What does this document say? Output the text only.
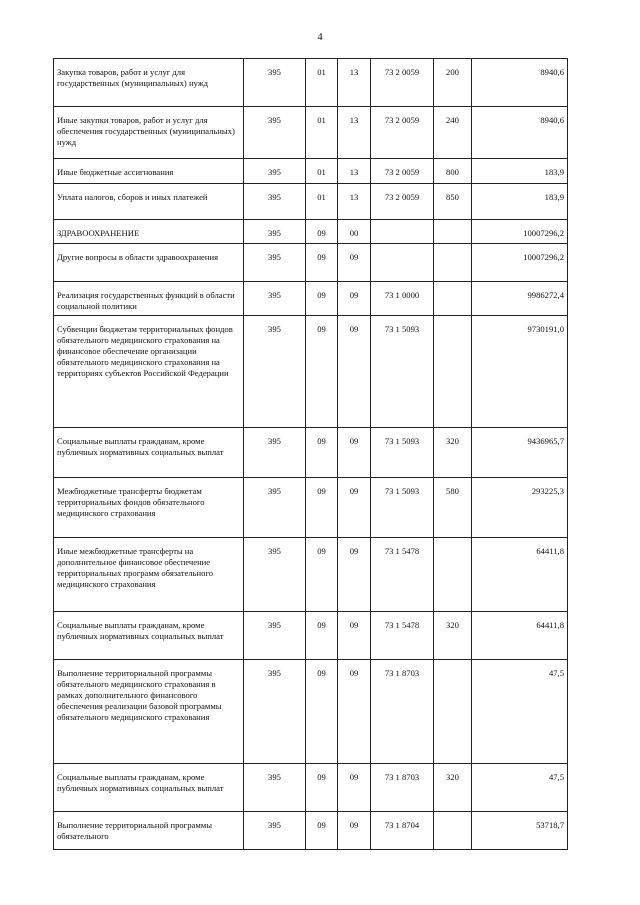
4
Закупка товаров, работ и услуг для государственных (муниципальных) нужд	395	01	13	73 2 0059	200	8940,6
Иные закупки товаров, работ и услуг для обеспечения государственных (муниципальных) нужд	395	01	13	73 2 0059	240	8940,6
Иные бюджетные ассигнования	395	01	13	73 2 0059	800	183,9
Уплата налогов, сборов и иных платежей	395	01	13	73 2 0059	850	183,9
ЗДРАВООХРАНЕНИЕ	395	09	00			10007296,2
Другие вопросы в области здравоохранения	395	09	09			10007296,2
Реализация государственных функций в области социальной политики	395	09	09	73 1 0000		9986272,4
Субвенции бюджетам территориальных фондов обязательного медицинского страхования на финансовое обеспечение организации обязательного медицинского страхования на территориях субъектов Российской Федерации	395	09	09	73 1 5093		9730191,0
Социальные выплаты гражданам, кроме публичных нормативных социальных выплат	395	09	09	73 1 5093	320	9436965,7
Межбюджетные трансферты бюджетам территориальных фондов обязательного медицинского страхования	395	09	09	73 1 5093	580	293225,3
Иные межбюджетные трансферты на дополнительное финансовое обеспечение территориальных программ обязательного медицинского страхования	395	09	09	73 1 5478		64411,8
Социальные выплаты гражданам, кроме публичных нормативных социальных выплат	395	09	09	73 1 5478	320	64411,8
Выполнение территориальной программы обязательного медицинского страхования в рамках дополнительного финансового обеспечения реализации базовой программы обязательного медицинского страхования	395	09	09	73 1 8703		47,5
Социальные выплаты гражданам, кроме публичных нормативных социальных выплат	395	09	09	73 1 8703	320	47,5
Выполнение территориальной программы обязательного	395	09	09	73 1 8704		53718,7
